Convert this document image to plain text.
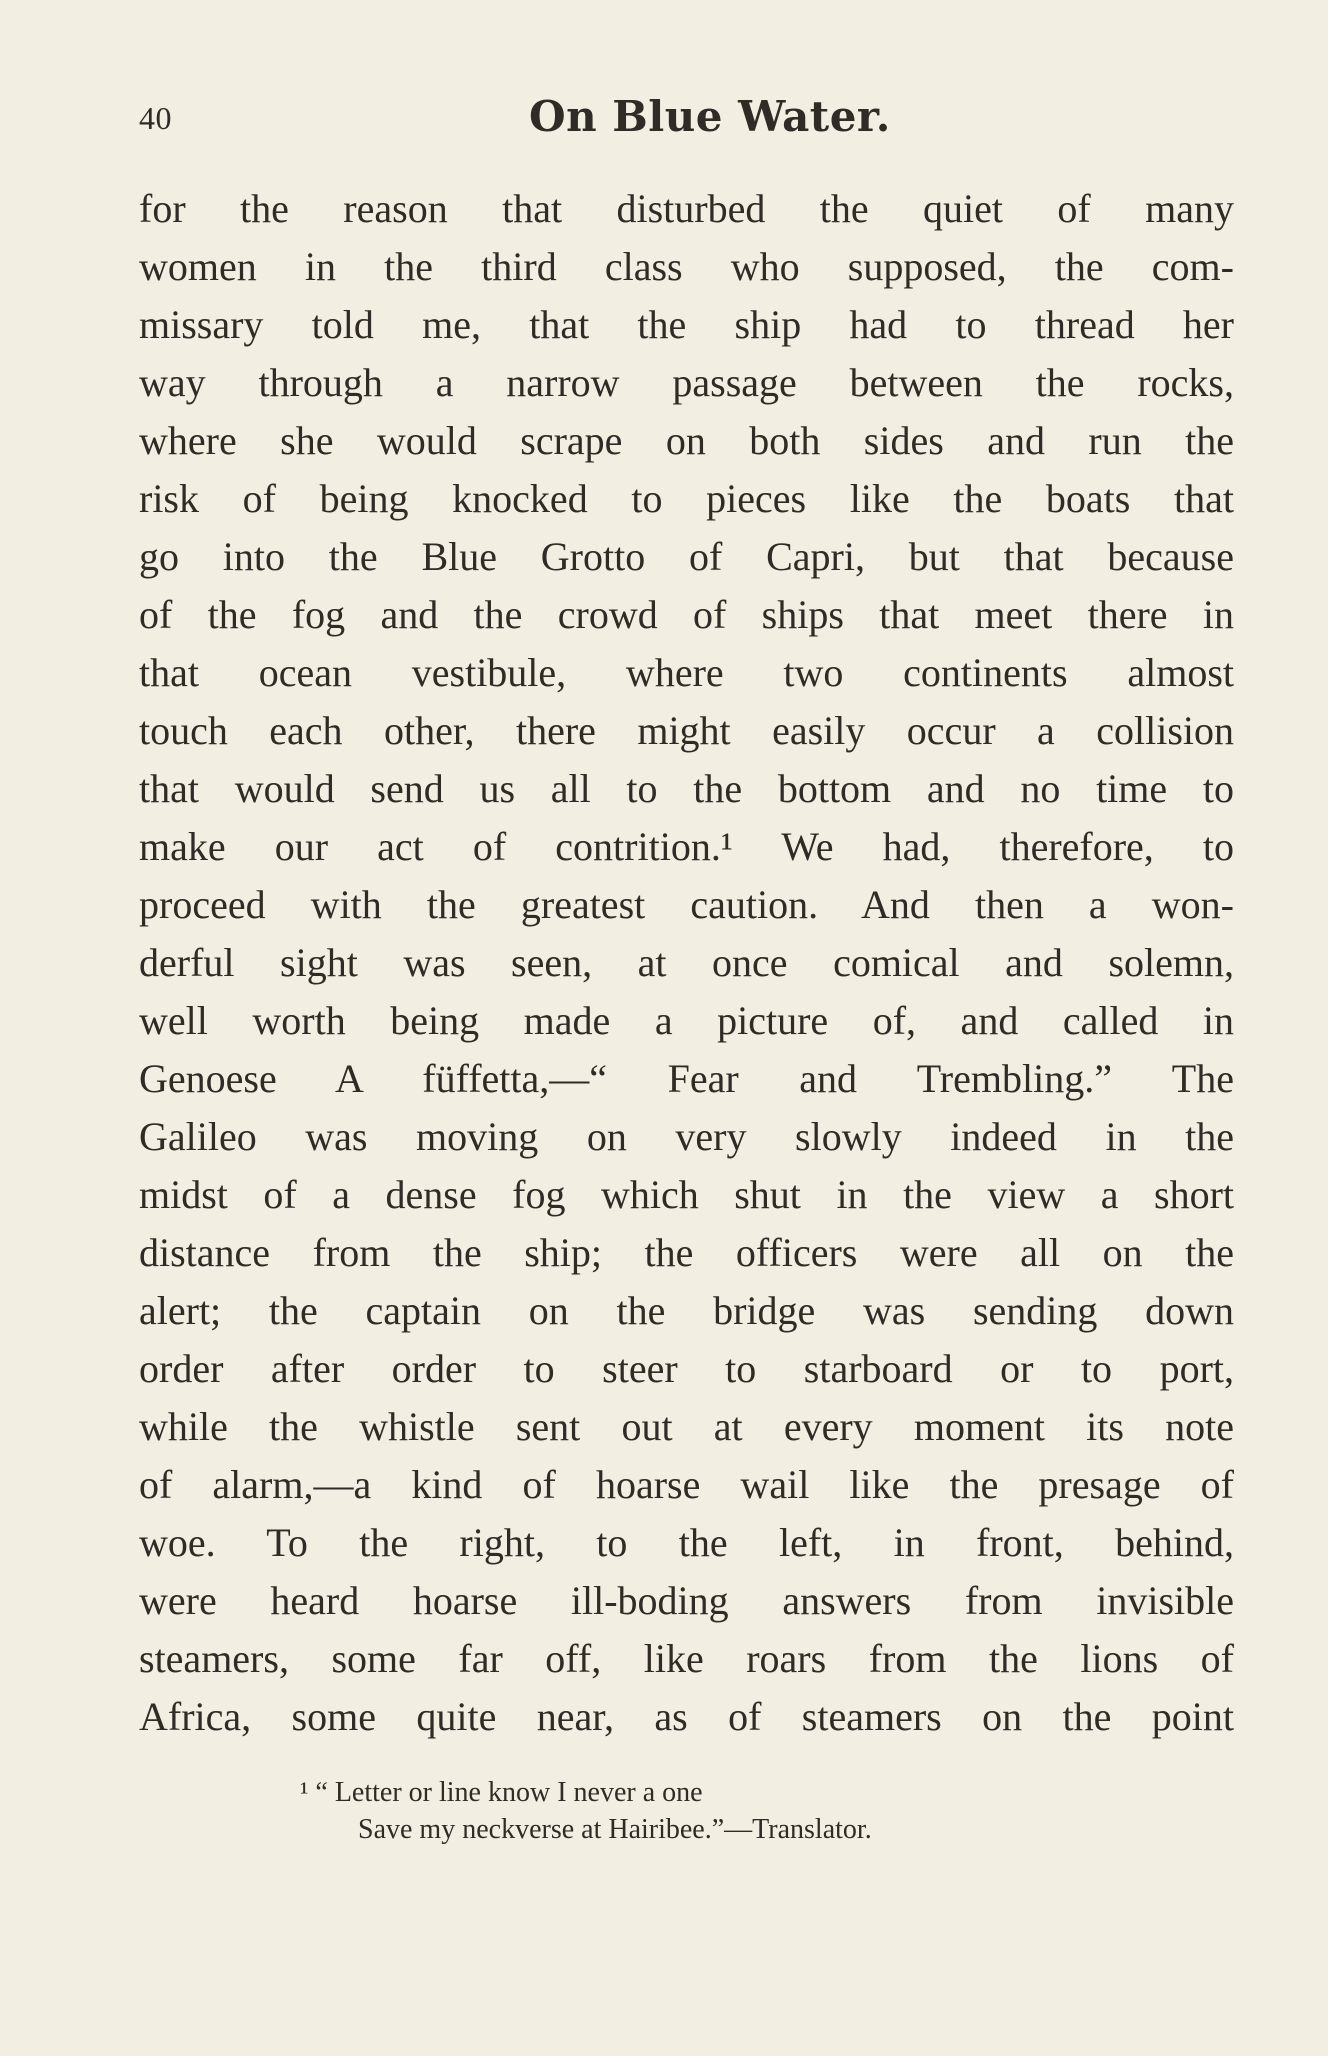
40	On Blue Water.
for the reason that disturbed the quiet of many
women in the third class who supposed, the com-
missary told me, that the ship had to thread her
way through a narrow passage between the rocks,
where she would scrape on both sides and run the
risk of being knocked to pieces like the boats that
go into the Blue Grotto of Capri, but that because
of the fog and the crowd of ships that meet there in
that ocean vestibule, where two continents almost
touch each other, there might easily occur a collision
that would send us all to the bottom and no time to
make our act of contrition.¹ We had, therefore, to
proceed with the greatest caution. And then a won-
derful sight was seen, at once comical and solemn,
well worth being made a picture of, and called in
Genoese A füffetta,—“ Fear and Trembling.” The
Galileo was moving on very slowly indeed in the
midst of a dense fog which shut in the view a short
distance from the ship; the officers were all on the
alert; the captain on the bridge was sending down
order after order to steer to starboard or to port,
while the whistle sent out at every moment its note
of alarm,—a kind of hoarse wail like the presage of
woe. To the right, to the left, in front, behind,
were heard hoarse ill-boding answers from invisible
steamers, some far off, like roars from the lions of
Africa, some quite near, as of steamers on the point
¹ “ Letter or line know I never a one
Save my neckverse at Hairibee.”—Translator.
